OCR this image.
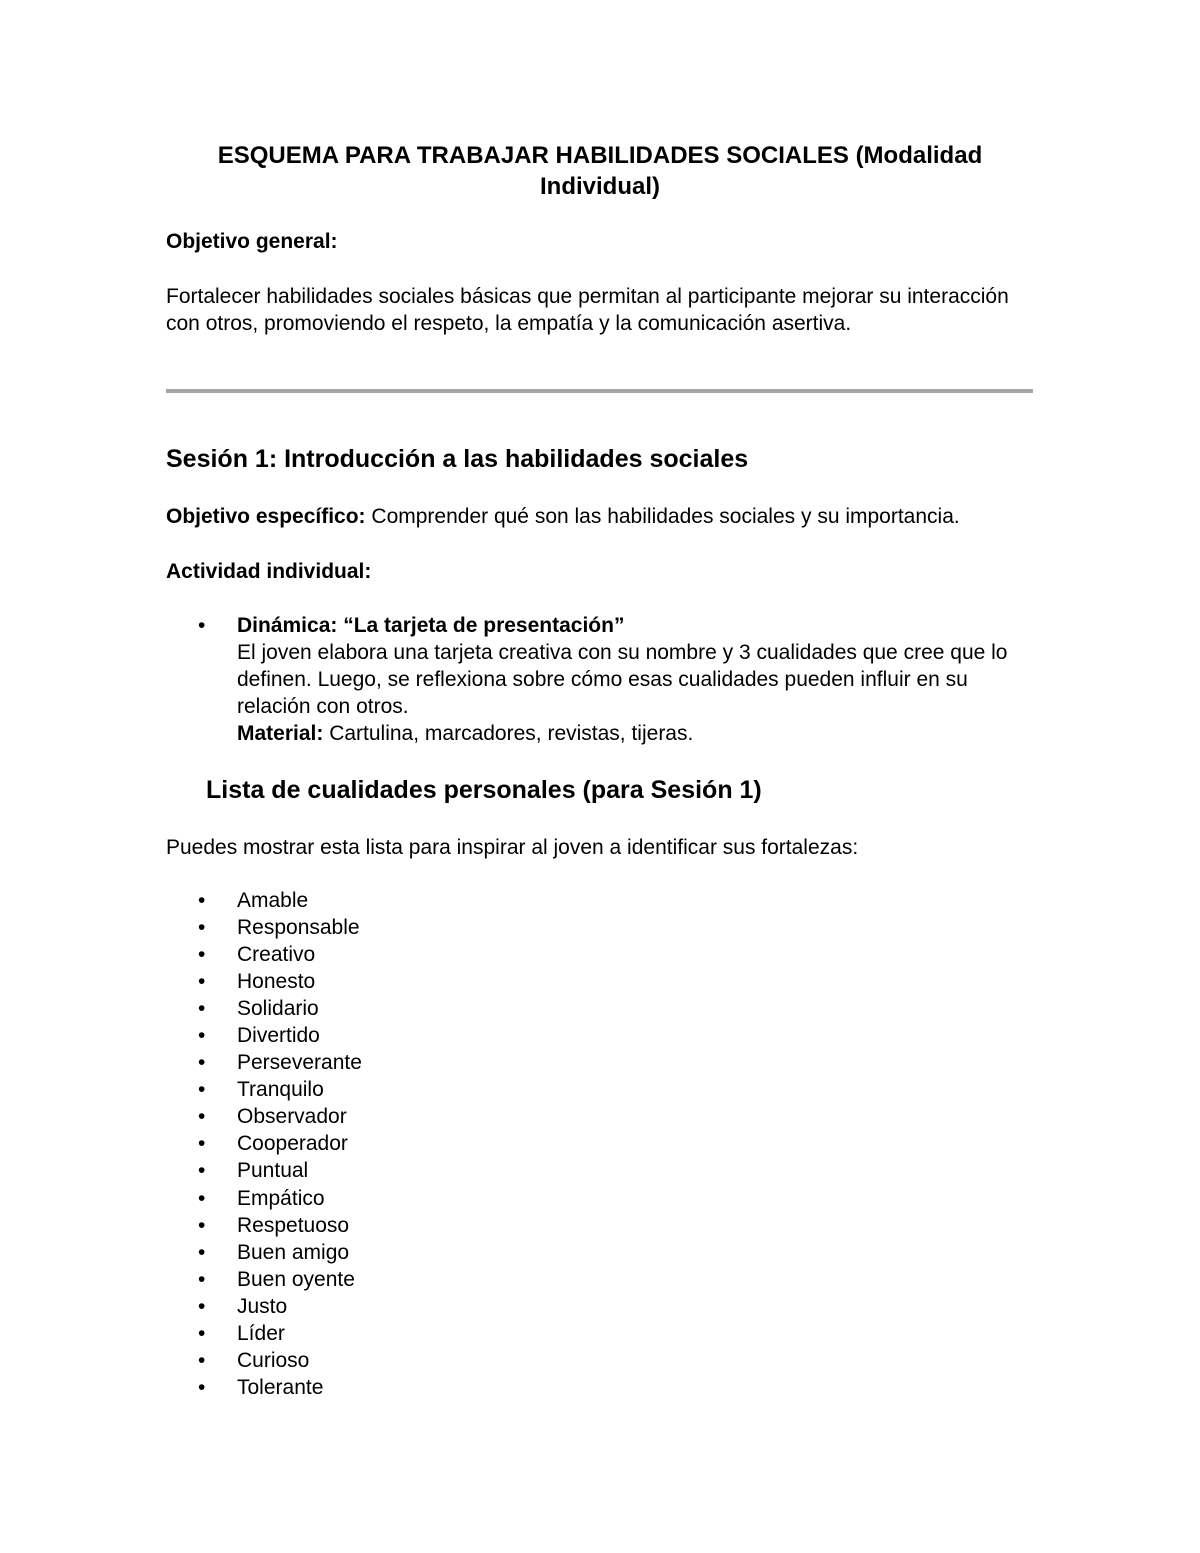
ESQUEMA PARA TRABAJAR HABILIDADES SOCIALES (Modalidad Individual)

Objetivo general:

Fortalecer habilidades sociales básicas que permitan al participante mejorar su interacción con otros, promoviendo el respeto, la empatía y la comunicación asertiva.

Sesión 1: Introducción a las habilidades sociales

Objetivo específico: Comprender qué son las habilidades sociales y su importancia.

Actividad individual:

•	Dinámica: “La tarjeta de presentación”
El joven elabora una tarjeta creativa con su nombre y 3 cualidades que cree que lo definen. Luego, se reflexiona sobre cómo esas cualidades pueden influir en su relación con otros.
Material: Cartulina, marcadores, revistas, tijeras.
Lista de cualidades personales (para Sesión 1)

Puedes mostrar esta lista para inspirar al joven a identificar sus fortalezas:

• Amable
• Responsable
• Creativo
• Honesto
• Solidario
• Divertido
• Perseverante
• Tranquilo
• Observador
• Cooperador
• Puntual
• Empático
• Respetuoso
• Buen amigo
• Buen oyente
• Justo
• Líder
• Curioso
• Tolerante
